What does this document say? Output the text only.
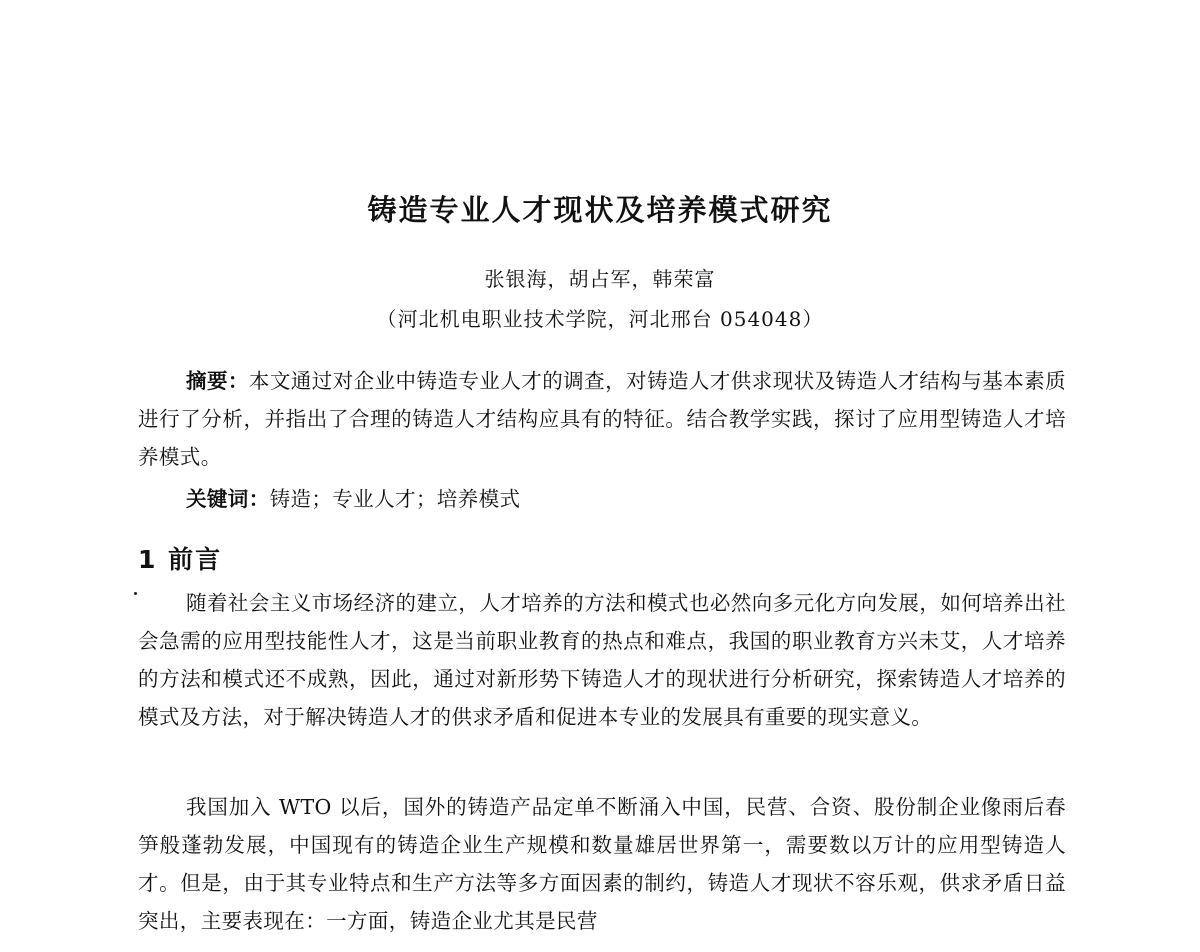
铸造专业人才现状及培养模式研究
张银海，胡占军，韩荣富
（河北机电职业技术学院，河北邢台 054048）

摘要：本文通过对企业中铸造专业人才的调查，对铸造人才供求现状及铸造人才结构与基本素质进行了分析，并指出了合理的铸造人才结构应具有的特征。结合教学实践，探讨了应用型铸造人才培养模式。

关键词：铸造；专业人才；培养模式

1 前言

随着社会主义市场经济的建立，人才培养的方法和模式也必然向多元化方向发展，如何培养出社会急需的应用型技能性人才，这是当前职业教育的热点和难点，我国的职业教育方兴未艾，人才培养的方法和模式还不成熟，因此，通过对新形势下铸造人才的现状进行分析研究，探索铸造人才培养的模式及方法，对于解决铸造人才的供求矛盾和促进本专业的发展具有重要的现实意义。

我国加入 WTO 以后，国外的铸造产品定单不断涌入中国，民营、合资、股份制企业像雨后春笋般蓬勃发展，中国现有的铸造企业生产规模和数量雄居世界第一，需要数以万计的应用型铸造人才。但是，由于其专业特点和生产方法等多方面因素的制约，铸造人才现状不容乐观，供求矛盾日益突出，主要表现在：一方面，铸造企业尤其是民营
